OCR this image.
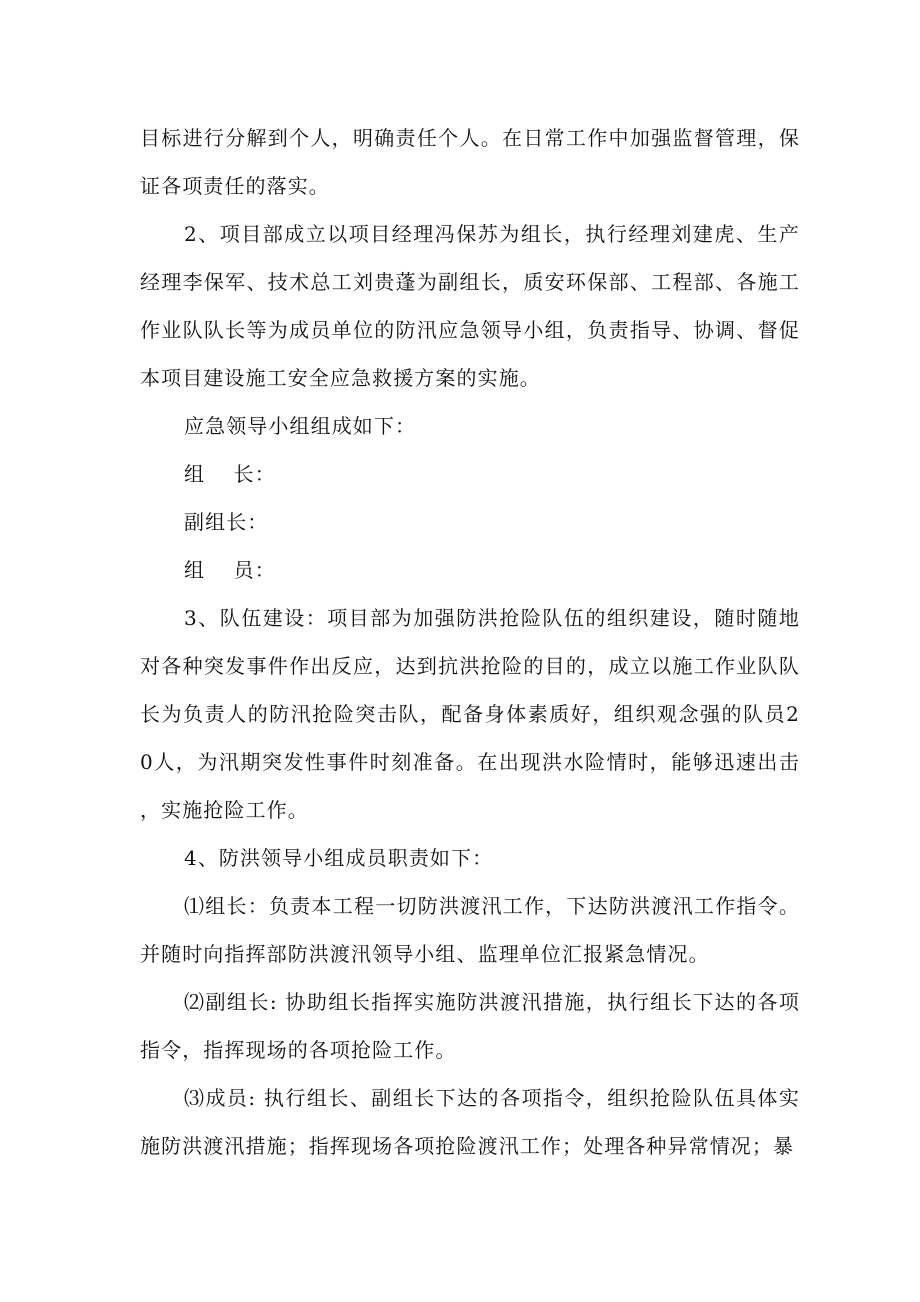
目标进行分解到个人，明确责任个人。在日常工作中加强监督管理，保证各项责任的落实。

2、项目部成立以项目经理冯保苏为组长，执行经理刘建虎、生产经理李保军、技术总工刘贵蓬为副组长，质安环保部、工程部、各施工作业队队长等为成员单位的防汛应急领导小组，负责指导、协调、督促本项目建设施工安全应急救援方案的实施。

应急领导小组组成如下：

组　 长：

副组长：

组　 员：

3、队伍建设：项目部为加强防洪抢险队伍的组织建设，随时随地对各种突发事件作出反应，达到抗洪抢险的目的，成立以施工作业队队长为负责人的防汛抢险突击队，配备身体素质好，组织观念强的队员20人，为汛期突发性事件时刻准备。在出现洪水险情时，能够迅速出击，实施抢险工作。

4、防洪领导小组成员职责如下：

⑴组长：负责本工程一切防洪渡汛工作，下达防洪渡汛工作指令。并随时向指挥部防洪渡汛领导小组、监理单位汇报紧急情况。

⑵副组长: 协助组长指挥实施防洪渡汛措施，执行组长下达的各项指令，指挥现场的各项抢险工作。

⑶成员: 执行组长、副组长下达的各项指令，组织抢险队伍具体实施防洪渡汛措施；指挥现场各项抢险渡汛工作；处理各种异常情况；暴
